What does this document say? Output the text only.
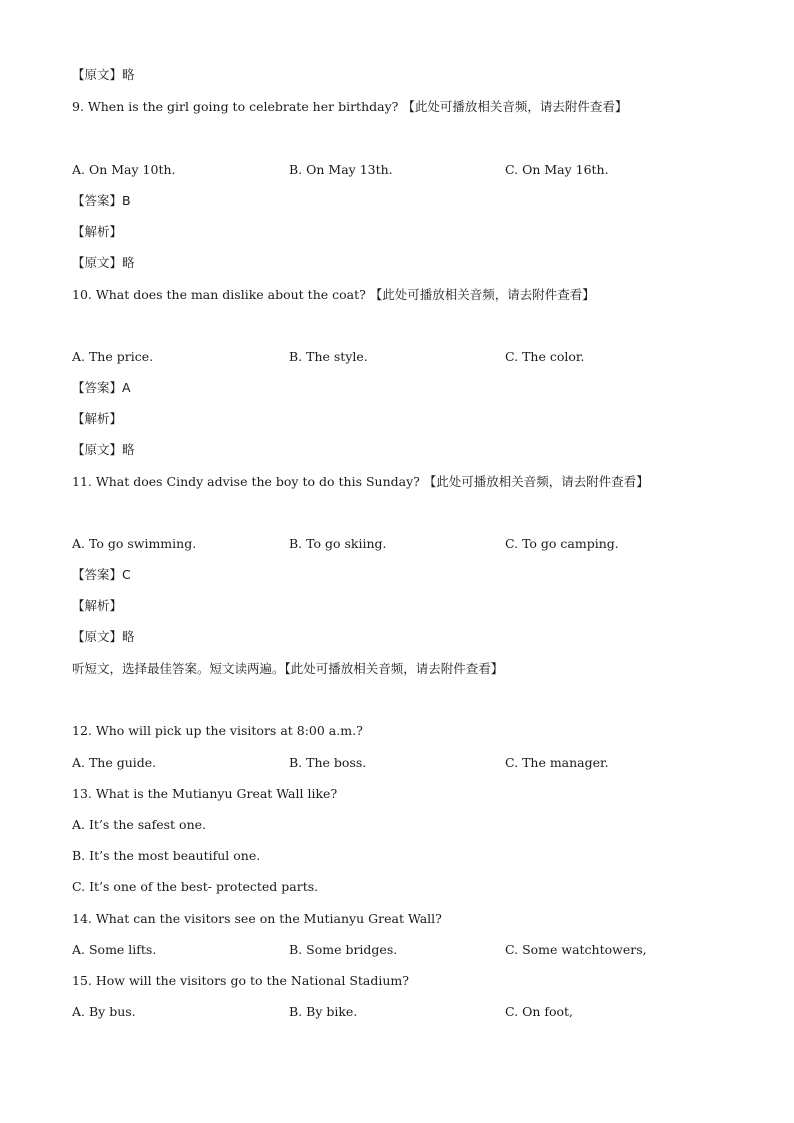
【原文】略
9. When is the girl going to celebrate her birthday? 【此处可播放相关音频，请去附件查看】
A. On May 10th.	B. On May 13th.	C. On May 16th.
【答案】B
【解析】
【原文】略
10. What does the man dislike about the coat? 【此处可播放相关音频，请去附件查看】
A. The price.	B. The style.	C. The color.
【答案】A
【解析】
【原文】略
11. What does Cindy advise the boy to do this Sunday? 【此处可播放相关音频，请去附件查看】
A. To go swimming.	B. To go skiing.	C. To go camping.
【答案】C
【解析】
【原文】略
听短文，选择最佳答案。短文读两遍。【此处可播放相关音频，请去附件查看】
12. Who will pick up the visitors at 8:00 a.m.?
A. The guide.	B. The boss.	C. The manager.
13. What is the Mutianyu Great Wall like?
A. It’s the safest one.
B. It’s the most beautiful one.
C. It’s one of the best- protected parts.
14. What can the visitors see on the Mutianyu Great Wall?
A. Some lifts.	B. Some bridges.	C. Some watchtowers,
15. How will the visitors go to the National Stadium?
A. By bus.	B. By bike.	C. On foot,
